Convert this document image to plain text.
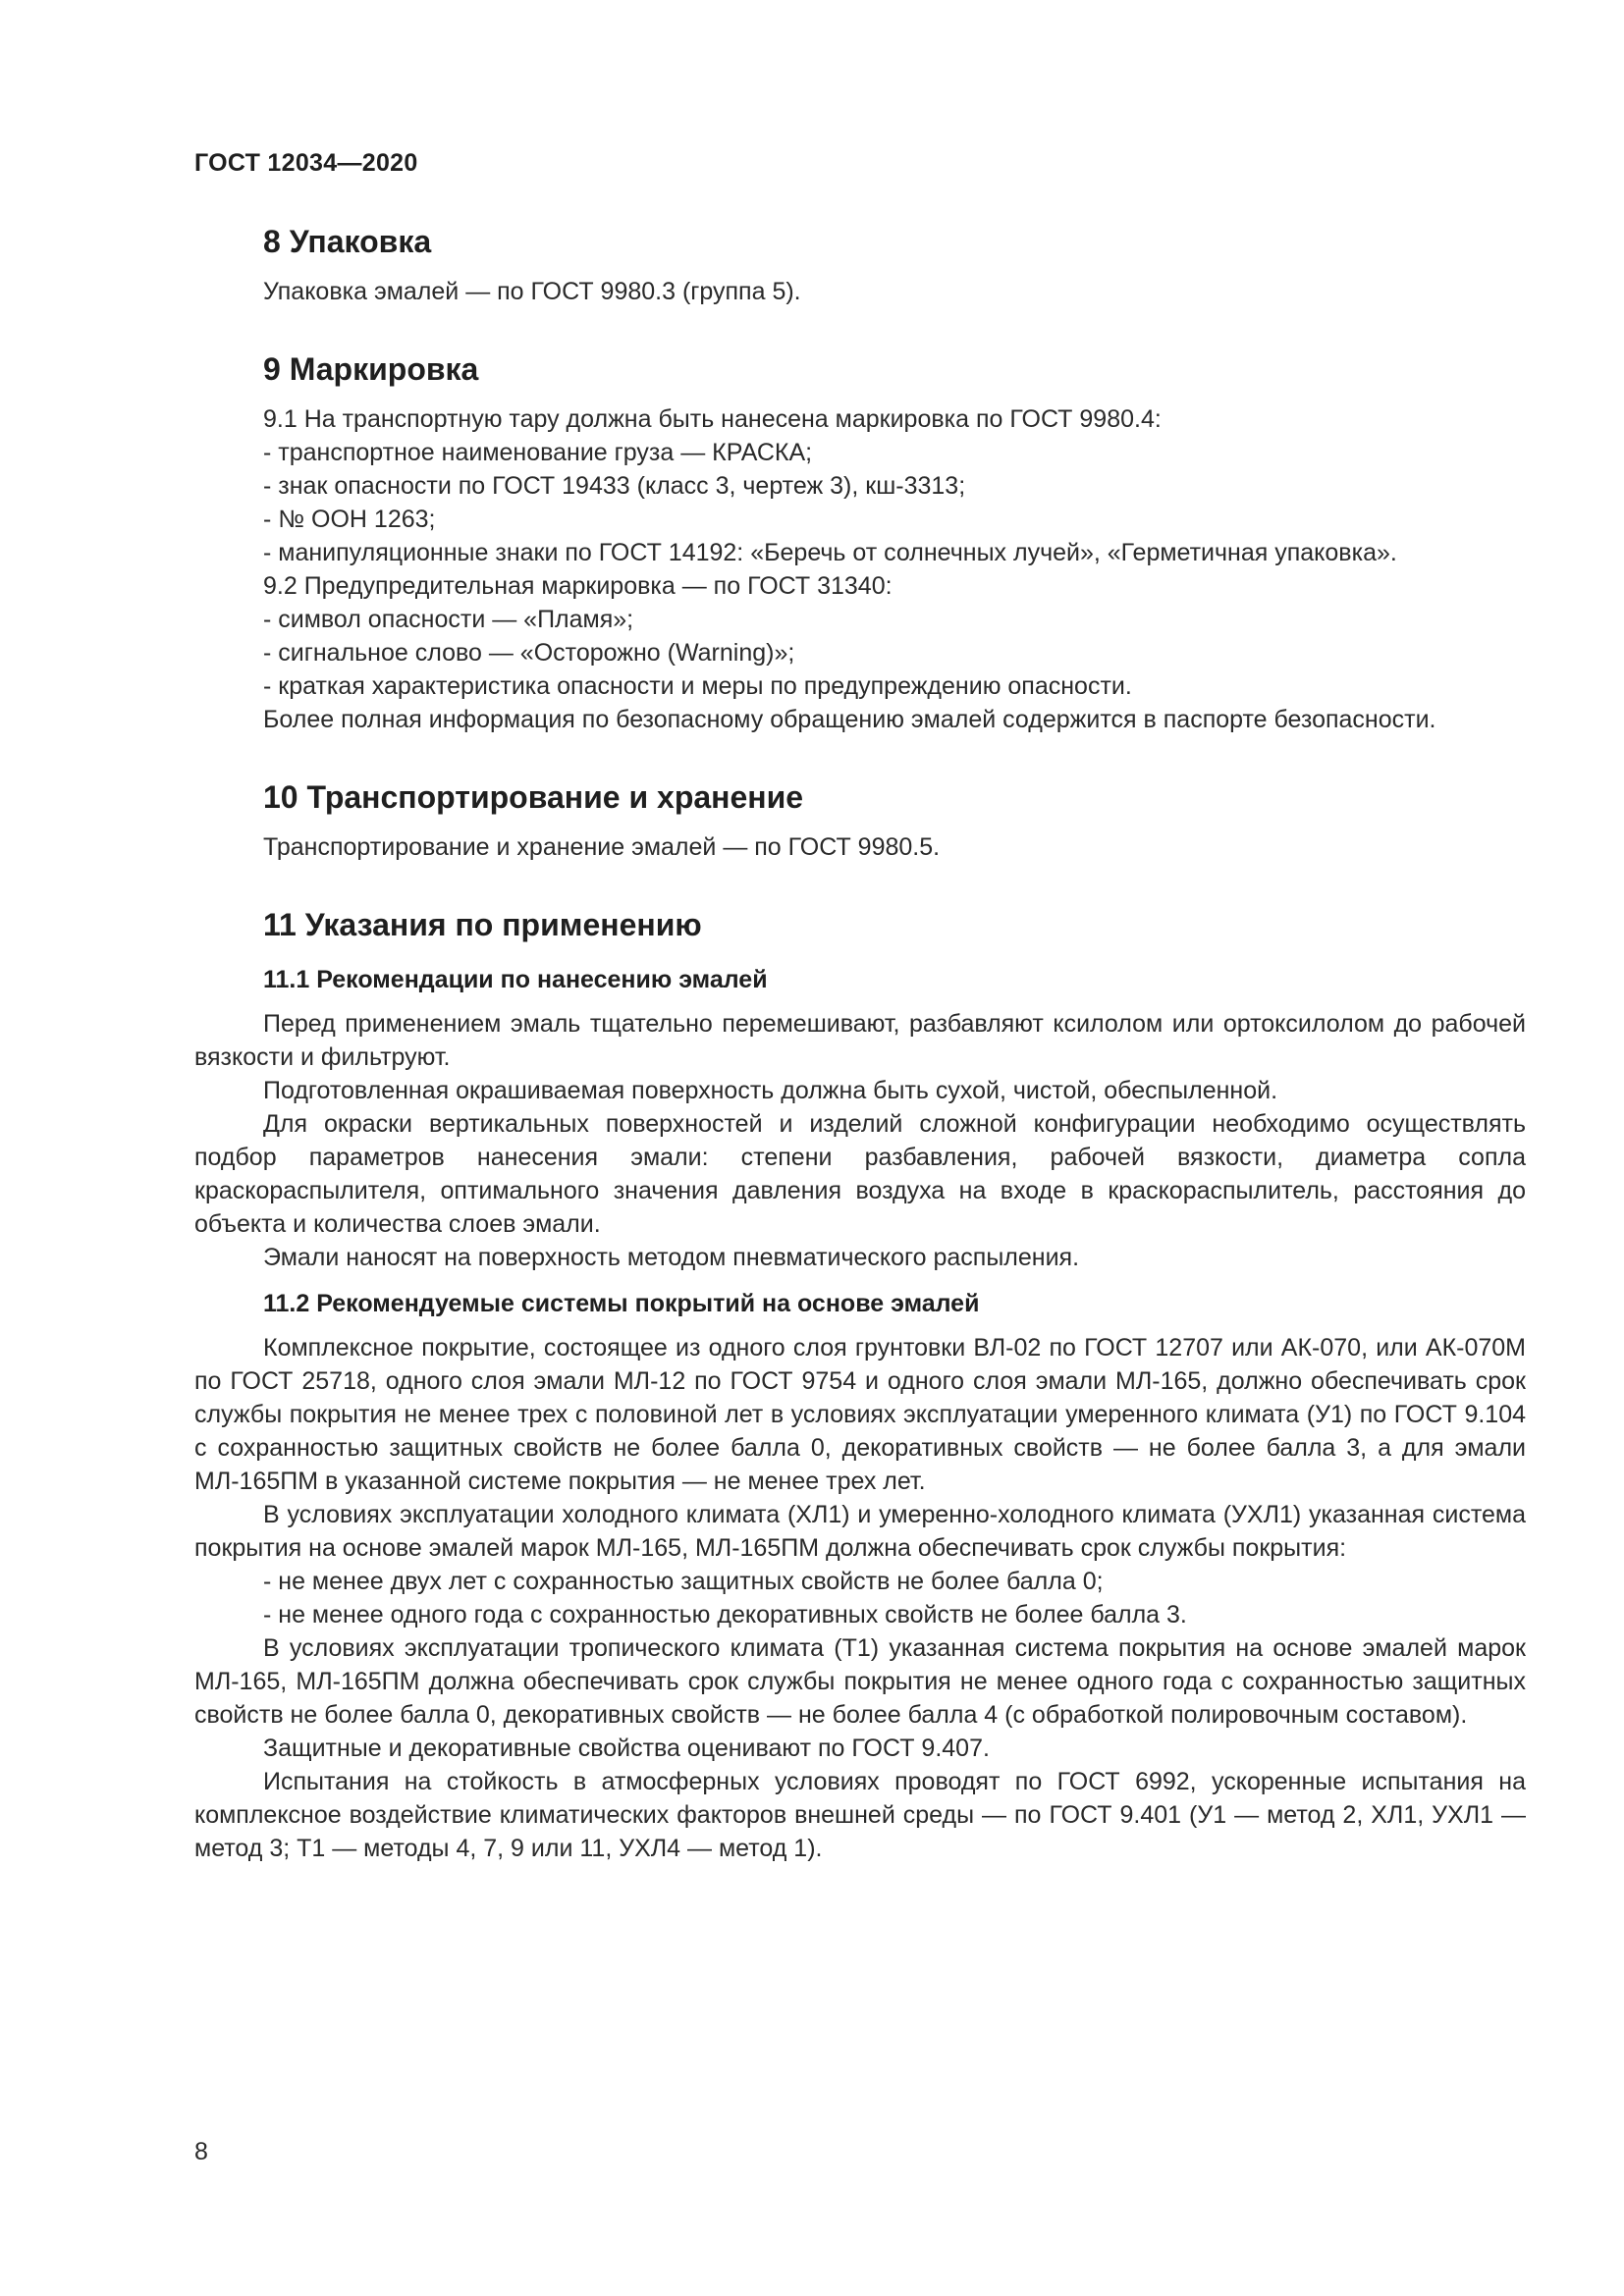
ГОСТ 12034—2020
8 Упаковка

Упаковка эмалей — по ГОСТ 9980.3 (группа 5).

9 Маркировка

9.1 На транспортную тару должна быть нанесена маркировка по ГОСТ 9980.4:

- транспортное наименование груза — КРАСКА;

- знак опасности по ГОСТ 19433 (класс 3, чертеж 3), кш-3313;

- № ООН 1263;

- манипуляционные знаки по ГОСТ 14192: «Беречь от солнечных лучей», «Герметичная упаковка».

9.2 Предупредительная маркировка — по ГОСТ 31340:

- символ опасности — «Пламя»;

- сигнальное слово — «Осторожно (Warning)»;

- краткая характеристика опасности и меры по предупреждению опасности.

Более полная информация по безопасному обращению эмалей содержится в паспорте безопасности.

10 Транспортирование и хранение

Транспортирование и хранение эмалей — по ГОСТ 9980.5.

11 Указания по применению
11.1 Рекомендации по нанесению эмалей

Перед применением эмаль тщательно перемешивают, разбавляют ксилолом или ортоксилолом до рабочей вязкости и фильтруют.

Подготовленная окрашиваемая поверхность должна быть сухой, чистой, обеспыленной.

Для окраски вертикальных поверхностей и изделий сложной конфигурации необходимо осуществлять подбор параметров нанесения эмали: степени разбавления, рабочей вязкости, диаметра сопла краскораспылителя, оптимального значения давления воздуха на входе в краскораспылитель, расстояния до объекта и количества слоев эмали.

Эмали наносят на поверхность методом пневматического распыления.

11.2 Рекомендуемые системы покрытий на основе эмалей

Комплексное покрытие, состоящее из одного слоя грунтовки ВЛ-02 по ГОСТ 12707 или АК-070, или АК-070М по ГОСТ 25718, одного слоя эмали МЛ-12 по ГОСТ 9754 и одного слоя эмали МЛ-165, должно обеспечивать срок службы покрытия не менее трех с половиной лет в условиях эксплуатации умеренного климата (У1) по ГОСТ 9.104 с сохранностью защитных свойств не более балла 0, декоративных свойств — не более балла 3, а для эмали МЛ-165ПМ в указанной системе покрытия — не менее трех лет.

В условиях эксплуатации холодного климата (ХЛ1) и умеренно-холодного климата (УХЛ1) указанная система покрытия на основе эмалей марок МЛ-165, МЛ-165ПМ должна обеспечивать срок службы покрытия:

- не менее двух лет с сохранностью защитных свойств не более балла 0;

- не менее одного года с сохранностью декоративных свойств не более балла 3.

В условиях эксплуатации тропического климата (Т1) указанная система покрытия на основе эмалей марок МЛ-165, МЛ-165ПМ должна обеспечивать срок службы покрытия не менее одного года с сохранностью защитных свойств не более балла 0, декоративных свойств — не более балла 4 (с обработкой полировочным составом).

Защитные и декоративные свойства оценивают по ГОСТ 9.407.

Испытания на стойкость в атмосферных условиях проводят по ГОСТ 6992, ускоренные испытания на комплексное воздействие климатических факторов внешней среды — по ГОСТ 9.401 (У1 — метод 2, ХЛ1, УХЛ1 — метод 3; Т1 — методы 4, 7, 9 или 11, УХЛ4 — метод 1).

8
